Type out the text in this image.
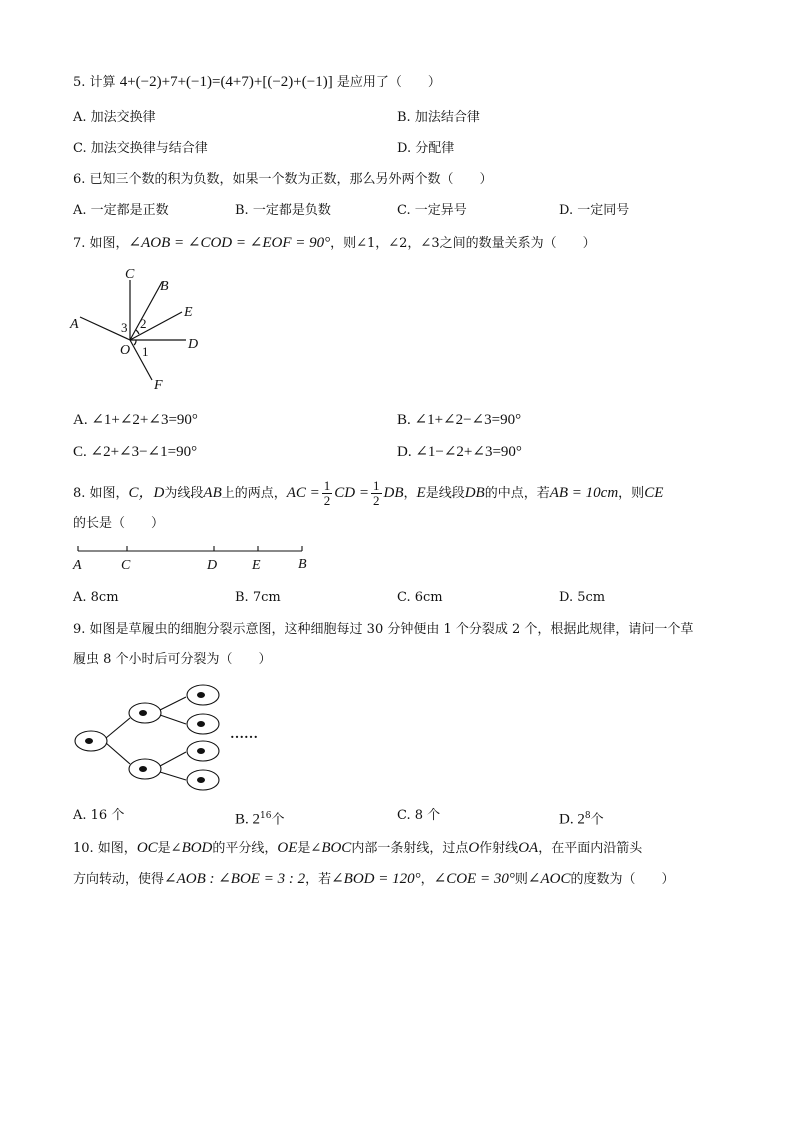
5. 计算 4+(−2)+7+(−1)=(4+7)+[(−2)+(−1)] 是应用了（　　）
A. 加法交换律	B. 加法结合律
C. 加法交换律与结合律	D. 分配律
6. 已知三个数的积为负数，如果一个数为正数，那么另外两个数（　　）
A. 一定都是正数	B. 一定都是负数	C. 一定异号	D. 一定同号
7. 如图，∠AOB = ∠COD = ∠EOF = 90°，则∠1，∠2，∠3之间的数量关系为（　　）
A
C
B
E
D
F
O
3 2
1
A. ∠1+∠2+∠3=90°	B. ∠1+∠2−∠3=90°
C. ∠2+∠3−∠1=90°	D. ∠1−∠2+∠3=90°
8. 如图，C，D为线段AB上的两点，AC = $\frac{1}{2}$ CD = $\frac{1}{2}$ DB，E是线段DB的中点，若AB = 10cm，则CE
的长是（　　）
A	C	D E	B
A. 8cm	B. 7cm	C. 6cm	D. 5cm
9. 如图是草履虫的细胞分裂示意图，这种细胞每过 30 分钟便由 1 个分裂成 2 个，根据此规律，请问一个草
履虫 8 个小时后可分裂为（　　）
……
A. 16 个	B. $2^{16}$个	C. 8 个	D. $2^8$个
10. 如图，OC是∠BOD的平分线，OE是∠BOC内部一条射线，过点O作射线OA，在平面内沿箭头
方向转动，使得∠AOB : ∠BOE = 3 : 2，若∠BOD = 120°，∠COE = 30°则∠AOC的度数为（　　）
